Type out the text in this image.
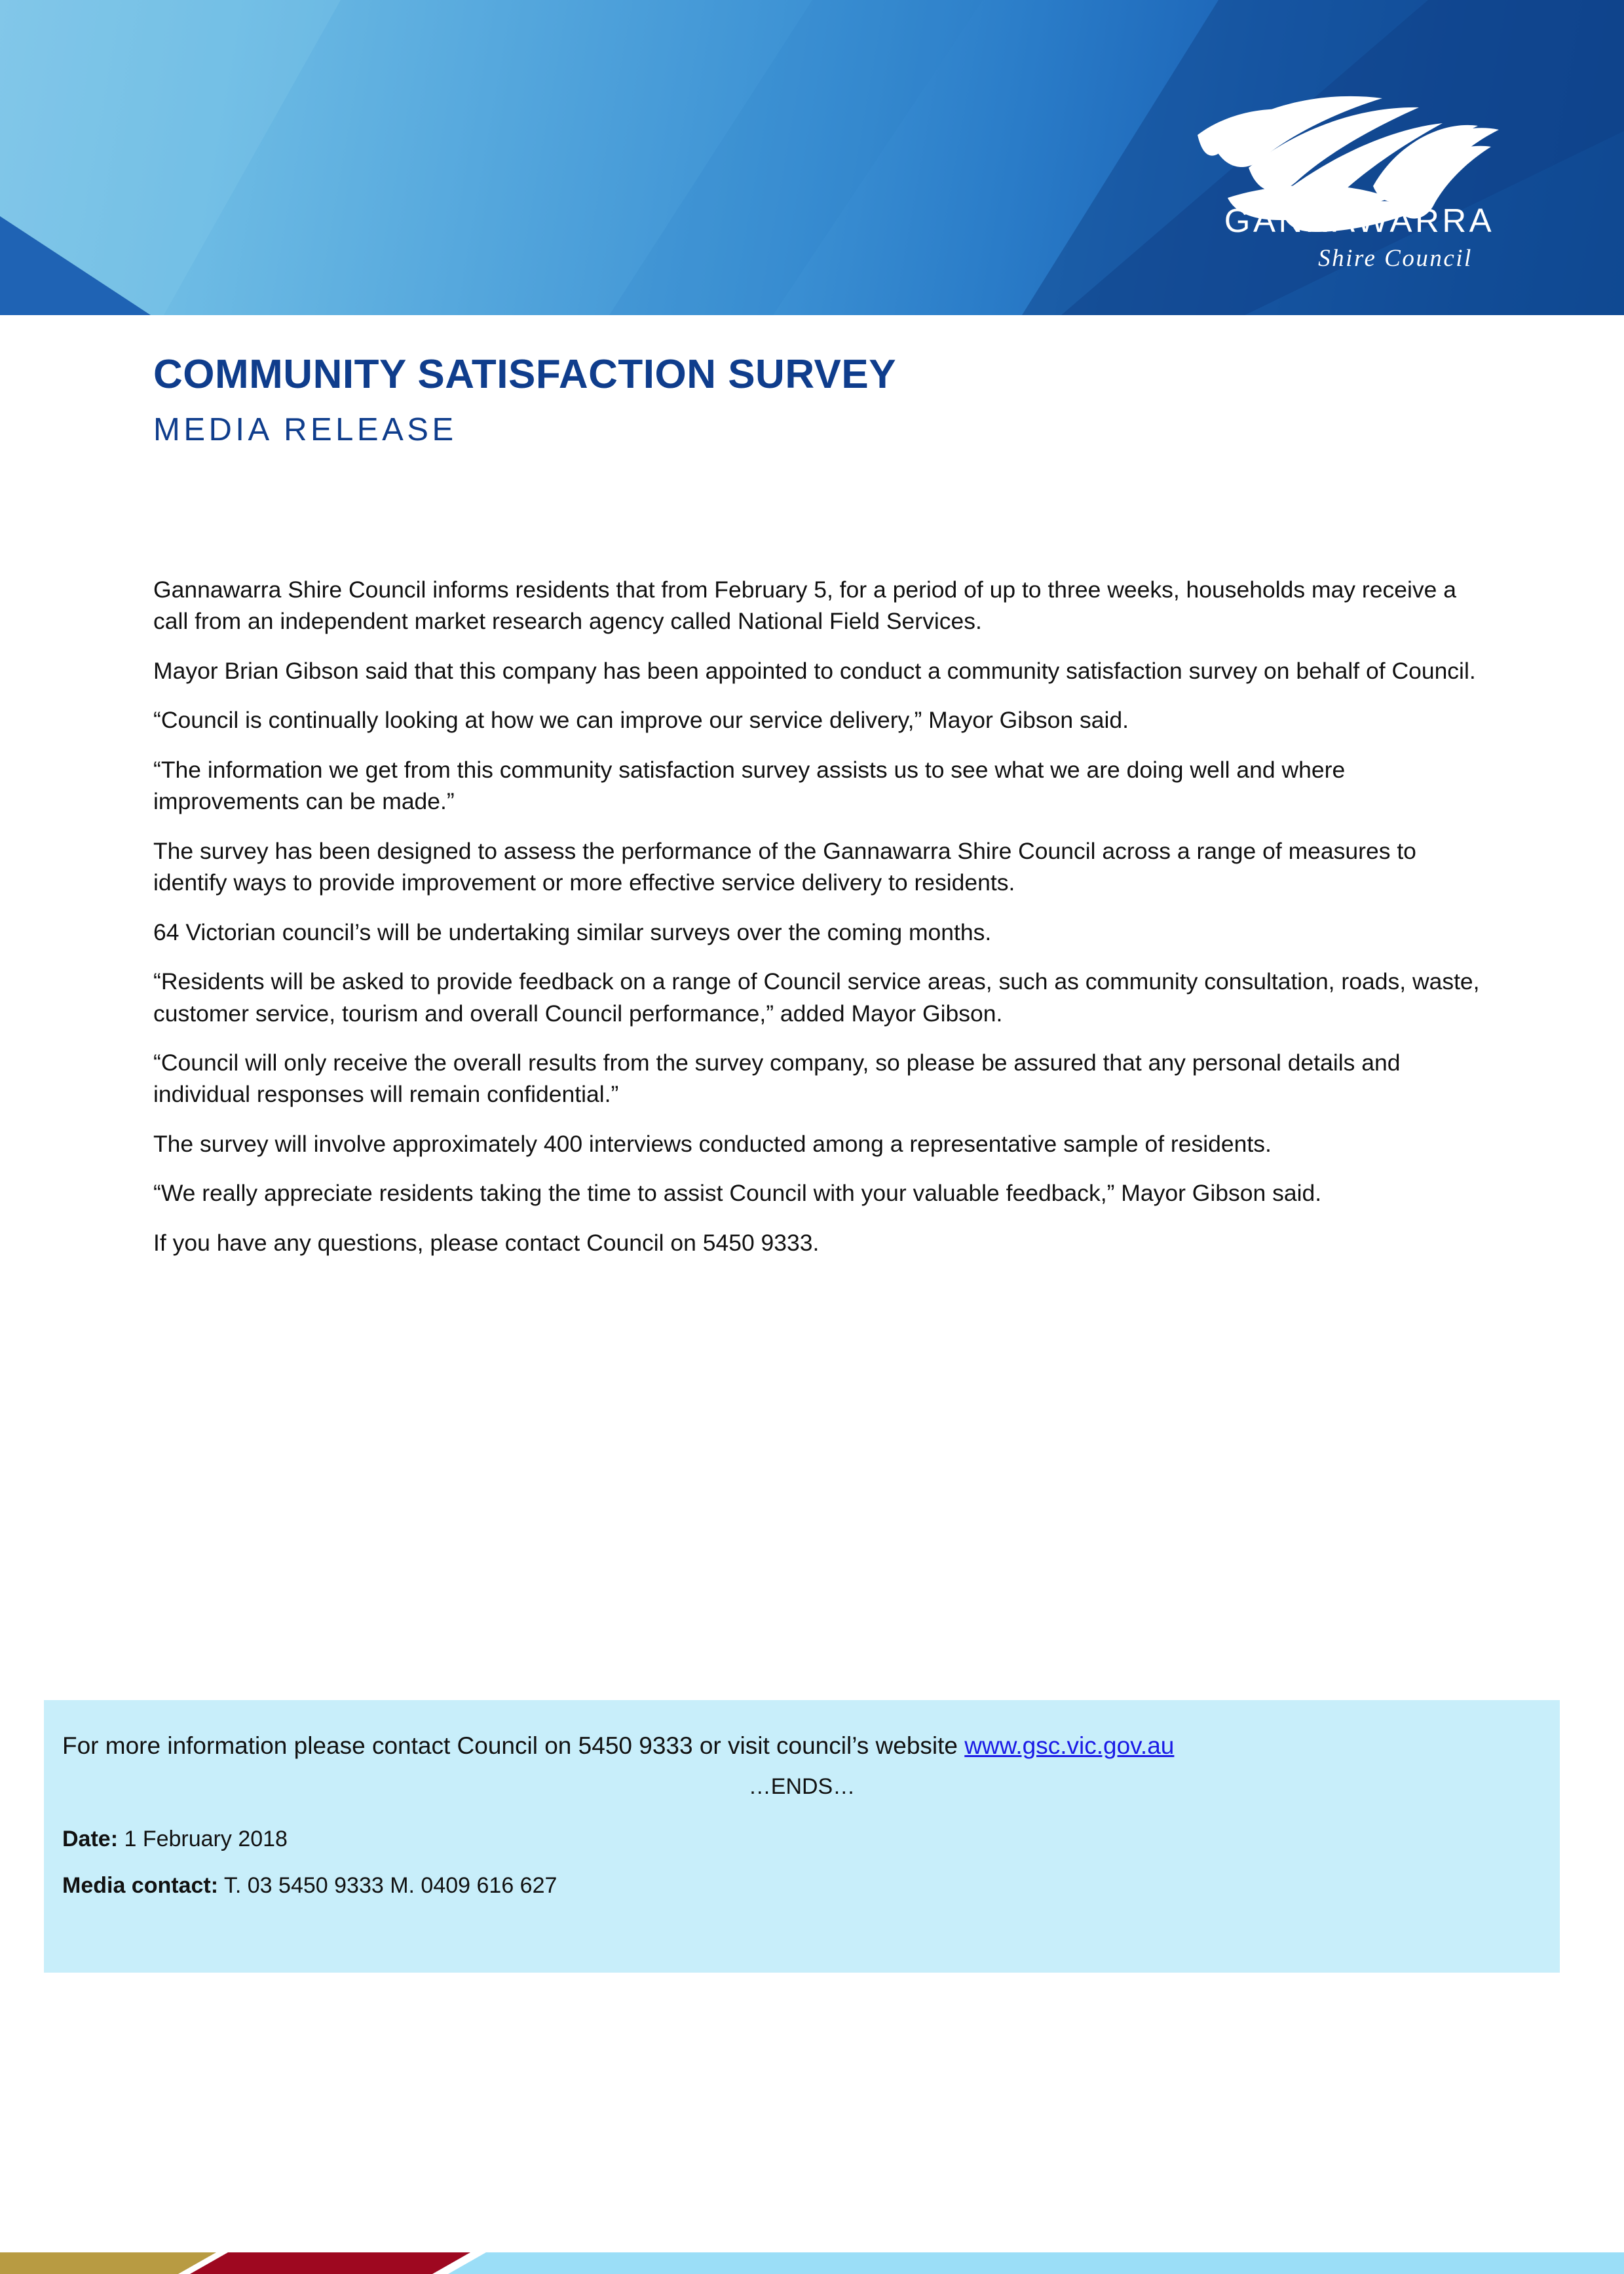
GANNAWARRA
Shire Council
COMMUNITY SATISFACTION SURVEY
MEDIA RELEASE

Gannawarra Shire Council informs residents that from February 5, for a period of up to three weeks, households may receive a call from an independent market research agency called National Field Services.

Mayor Brian Gibson said that this company has been appointed to conduct a community satisfaction survey on behalf of Council.

“Council is continually looking at how we can improve our service delivery,” Mayor Gibson said.

“The information we get from this community satisfaction survey assists us to see what we are doing well and where improvements can be made.”

The survey has been designed to assess the performance of the Gannawarra Shire Council across a range of measures to identify ways to provide improvement or more effective service delivery to residents.

64 Victorian council’s will be undertaking similar surveys over the coming months.

“Residents will be asked to provide feedback on a range of Council service areas, such as community consultation, roads, waste, customer service, tourism and overall Council performance,” added Mayor Gibson.

“Council will only receive the overall results from the survey company, so please be assured that any personal details and individual responses will remain confidential.”

The survey will involve approximately 400 interviews conducted among a representative sample of residents.

“We really appreciate residents taking the time to assist Council with your valuable feedback,” Mayor Gibson said.

If you have any questions, please contact Council on 5450 9333.

For more information please contact Council on 5450 9333 or visit council’s website www.gsc.vic.gov.au

…ENDS…

Date: 1 February 2018

Media contact: T. 03 5450 9333 M. 0409 616 627
